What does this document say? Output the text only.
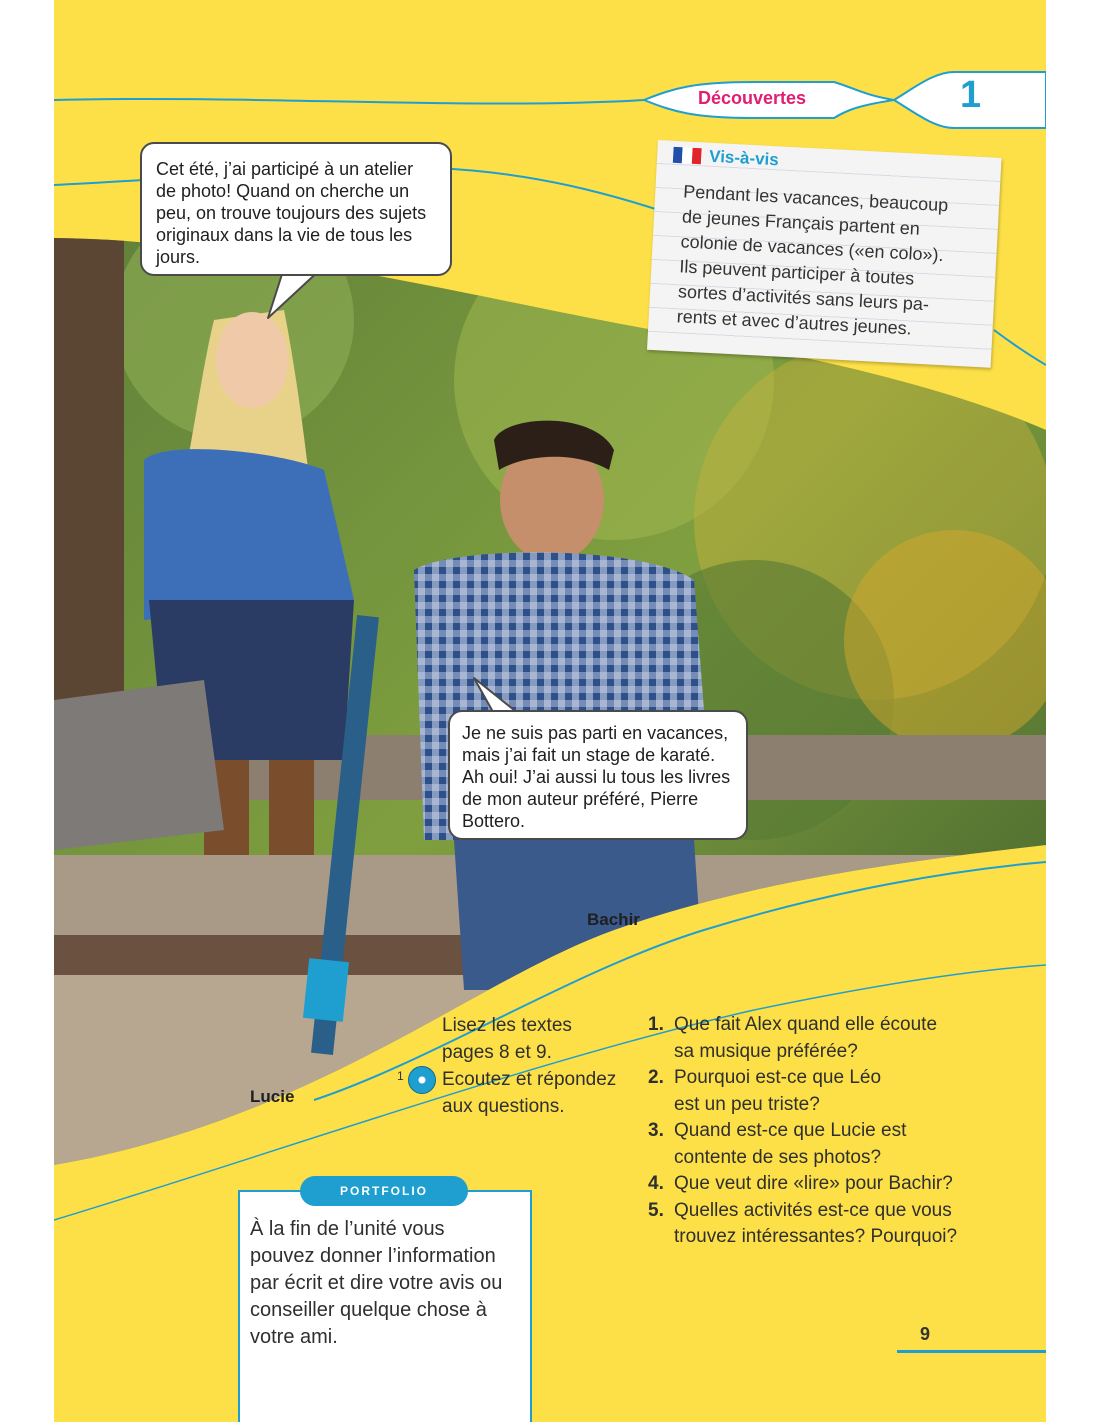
Découvertes	1
Cet été, j’ai participé à un atelier
de photo! Quand on cherche un
peu, on trouve toujours des sujets
originaux dans la vie de tous les
jours.
Je ne suis pas parti en vacances,
mais j’ai fait un stage de karaté.
Ah oui! J’ai aussi lu tous les livres
de mon auteur préféré, Pierre
Bottero.
Bachir
Lucie
Vis-à-vis
Pendant les vacances, beaucoup
de jeunes Français partent en
colonie de vacances («en colo»).
Ils peuvent participer à toutes
sortes d’activités sans leurs pa-
rents et avec d’autres jeunes.
1
Lisez les textes
pages 8 et 9.
Ecoutez et répondez
aux questions.
1. Que fait Alex quand elle écoute
sa musique préférée?
2. Pourquoi est-ce que Léo
est un peu triste?
3. Quand est-ce que Lucie est
contente de ses photos?
4. Que veut dire «lire» pour Bachir?
5. Quelles activités est-ce que vous
trouvez intéressantes? Pourquoi?
PORTFOLIO
À la fin de l’unité vous
pouvez donner l’information
par écrit et dire votre avis ou
conseiller quelque chose à
votre ami.	9
